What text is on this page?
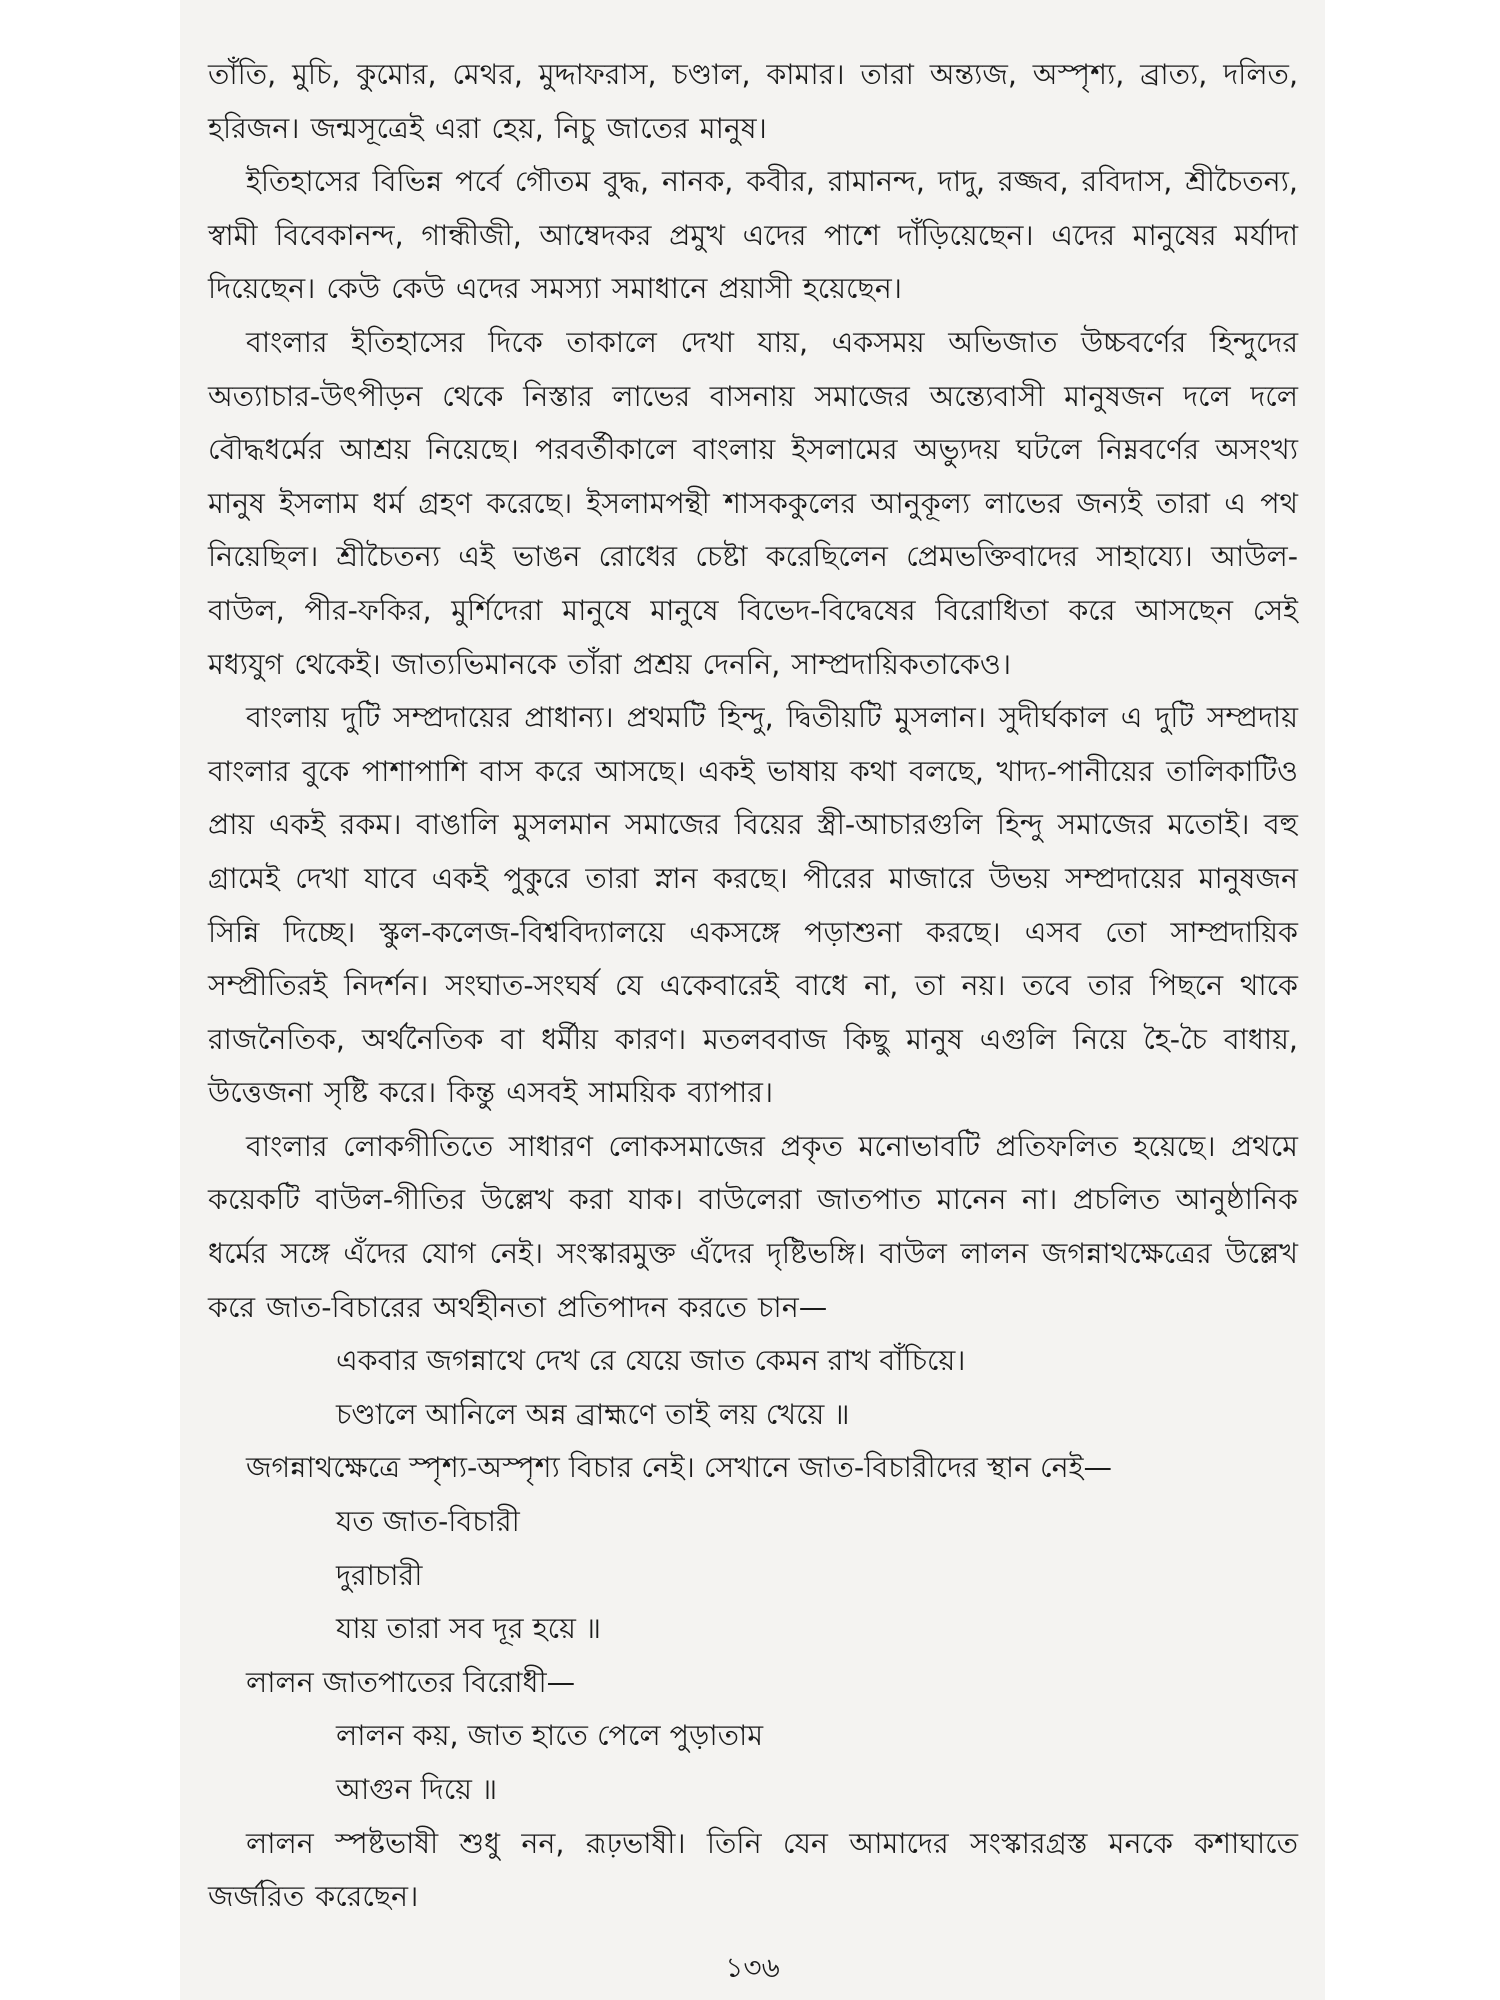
তাঁতি, মুচি, কুমোর, মেথর, মুদ্দাফরাস, চণ্ডাল, কামার। তারা অন্ত্যজ, অস্পৃশ্য, ব্রাত্য, দলিত, হরিজন। জন্মসূত্রেই এরা হেয়, নিচু জাতের মানুষ।

ইতিহাসের বিভিন্ন পর্বে গৌতম বুদ্ধ, নানক, কবীর, রামানন্দ, দাদু, রজ্জব, রবিদাস, শ্রীচৈতন্য, স্বামী বিবেকানন্দ, গান্ধীজী, আম্বেদকর প্রমুখ এদের পাশে দাঁড়িয়েছেন। এদের মানুষের মর্যাদা দিয়েছেন। কেউ কেউ এদের সমস্যা সমাধানে প্রয়াসী হয়েছেন।

বাংলার ইতিহাসের দিকে তাকালে দেখা যায়, একসময় অভিজাত উচ্চবর্ণের হিন্দুদের অত্যাচার-উৎপীড়ন থেকে নিস্তার লাভের বাসনায় সমাজের অন্ত্যেবাসী মানুষজন দলে দলে বৌদ্ধধর্মের আশ্রয় নিয়েছে। পরবর্তীকালে বাংলায় ইসলামের অভ্যুদয় ঘটলে নিম্নবর্ণের অসংখ্য মানুষ ইসলাম ধর্ম গ্রহণ করেছে। ইসলামপন্থী শাসককুলের আনুকূল্য লাভের জন্যই তারা এ পথ নিয়েছিল। শ্রীচৈতন্য এই ভাঙন রোধের চেষ্টা করেছিলেন প্রেমভক্তিবাদের সাহায্যে। আউল-বাউল, পীর-ফকির, মুর্শিদেরা মানুষে মানুষে বিভেদ-বিদ্বেষের বিরোধিতা করে আসছেন সেই মধ্যযুগ থেকেই। জাত্যভিমানকে তাঁরা প্রশ্রয় দেননি, সাম্প্রদায়িকতাকেও।

বাংলায় দুটি সম্প্রদায়ের প্রাধান্য। প্রথমটি হিন্দু, দ্বিতীয়টি মুসলান। সুদীর্ঘকাল এ দুটি সম্প্রদায় বাংলার বুকে পাশাপাশি বাস করে আসছে। একই ভাষায় কথা বলছে, খাদ্য-পানীয়ের তালিকাটিও প্রায় একই রকম। বাঙালি মুসলমান সমাজের বিয়ের স্ত্রী-আচারগুলি হিন্দু সমাজের মতোই। বহু গ্রামেই দেখা যাবে একই পুকুরে তারা স্নান করছে। পীরের মাজারে উভয় সম্প্রদায়ের মানুষজন সিন্নি দিচ্ছে। স্কুল-কলেজ-বিশ্ববিদ্যালয়ে একসঙ্গে পড়াশুনা করছে। এসব তো সাম্প্রদায়িক সম্প্রীতিরই নিদর্শন। সংঘাত-সংঘর্ষ যে একেবারেই বাধে না, তা নয়। তবে তার পিছনে থাকে রাজনৈতিক, অর্থনৈতিক বা ধর্মীয় কারণ। মতলববাজ কিছু মানুষ এগুলি নিয়ে হৈ-চৈ বাধায়, উত্তেজনা সৃষ্টি করে। কিন্তু এসবই সাময়িক ব্যাপার।

বাংলার লোকগীতিতে সাধারণ লোকসমাজের প্রকৃত মনোভাবটি প্রতিফলিত হয়েছে। প্রথমে কয়েকটি বাউল-গীতির উল্লেখ করা যাক। বাউলেরা জাতপাত মানেন না। প্রচলিত আনুষ্ঠানিক ধর্মের সঙ্গে এঁদের যোগ নেই। সংস্কারমুক্ত এঁদের দৃষ্টিভঙ্গি। বাউল লালন জগন্নাথক্ষেত্রের উল্লেখ করে জাত-বিচারের অর্থহীনতা প্রতিপাদন করতে চান—

একবার জগন্নাথে দেখ রে যেয়ে জাত কেমন রাখ বাঁচিয়ে।

চণ্ডালে আনিলে অন্ন ব্রাহ্মণে তাই লয় খেয়ে ॥

জগন্নাথক্ষেত্রে স্পৃশ্য-অস্পৃশ্য বিচার নেই। সেখানে জাত-বিচারীদের স্থান নেই—

যত জাত-বিচারী

দুরাচারী

যায় তারা সব দূর হয়ে ॥

লালন জাতপাতের বিরোধী—

লালন কয়, জাত হাতে পেলে পুড়াতাম

আগুন দিয়ে ॥

লালন স্পষ্টভাষী শুধু নন, রূঢ়ভাষী। তিনি যেন আমাদের সংস্কারগ্রস্ত মনকে কশাঘাতে জর্জরিত করেছেন।

১৩৬
